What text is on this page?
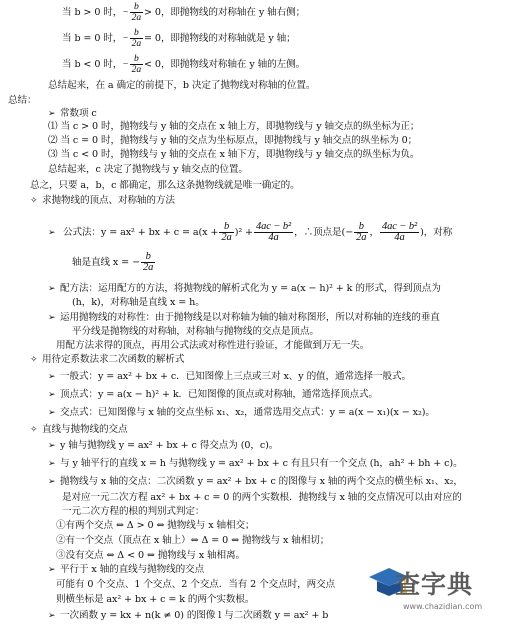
当 b > 0 时，− $\frac{b}{2a} > 0$，即抛物线的对称轴在 y 轴右侧；
当 b = 0 时，− $\frac{b}{2a} = 0$，即抛物线的对称轴就是 y 轴；
当 b < 0 时，− $\frac{b}{2a} < 0$，即抛物线对称轴在 y 轴的左侧。
总结起来，在 a 确定的前提下，b 决定了抛物线对称轴的位置。
总结：
➢ 常数项 c
⑴ 当 c > 0 时，抛物线与 y 轴的交点在 x 轴上方，即抛物线与 y 轴交点的纵坐标为正；
⑵ 当 c = 0 时，抛物线与 y 轴的交点为坐标原点，即抛物线与 y 轴交点的纵坐标为 0；
⑶ 当 c < 0 时，抛物线与 y 轴的交点在 x 轴下方，即抛物线与 y 轴交点的纵坐标为负。
总结起来，c 决定了抛物线与 y 轴交点的位置。
总之，只要 a，b，c 都确定，那么这条抛物线就是唯一确定的。
✧ 求抛物线的顶点、对称轴的方法
➢ 公式法：y = ax² + bx + $c = a(x + \frac{b}{2a} )^2 + \frac{\text{4ac − b²}}{4a}$ ，∴顶点是(− $\frac{b}{2a}$ ， $\frac{\text{4ac − b²}}{4a}$ )，对称
轴是直线 x = − $\frac{b}{2a}$
➢ 配方法：运用配方的方法，将抛物线的解析式化为 y = a(x − h)² + k 的形式，得到顶点为
(h，k)，对称轴是直线 x = h。
➢ 运用抛物线的对称性：由于抛物线是以对称轴为轴的轴对称图形，所以对称轴的连线的垂直
平分线是抛物线的对称轴，对称轴与抛物线的交点是顶点。
用配方法求得的顶点，再用公式法或对称性进行验证，才能做到万无一失。
✧ 用待定系数法求二次函数的解析式
➢ 一般式：y = ax² + bx + c．已知图像上三点或三对 x、y 的值，通常选择一般式。
➢ 顶点式：y = a(x − h)² + k．已知图像的顶点或对称轴，通常选择顶点式。
➢ 交点式：已知图像与 x 轴的交点坐标 x₁、x₂，通常选用交点式：y = a(x − x₁)(x − x₂)。
✧ 直线与抛物线的交点
➢ y 轴与抛物线 y = ax² + bx + c 得交点为 (0，c)。
➢ 与 y 轴平行的直线 x = h 与抛物线 y = ax² + bx + c 有且只有一个交点 (h，ah² + bh + c)。
➢ 抛物线与 x 轴的交点：二次函数 y = ax² + bx + c 的图像与 x 轴的两个交点的横坐标 x₁、x₂，
是对应一元二次方程 ax² + bx + c = 0 的两个实数根．抛物线与 x 轴的交点情况可以由对应的
一元二次方程的根的判别式判定：
①有两个交点 ⇔ Δ > 0 ⇔ 抛物线与 x 轴相交；
②有一个交点（顶点在 x 轴上）⇔ Δ = 0 ⇔ 抛物线与 x 轴相切；
③没有交点 ⇔ Δ < 0 ⇔ 抛物线与 x 轴相离。
➢ 平行于 x 轴的直线与抛物线的交点
可能有 0 个交点、1 个交点、2 个交点．当有 2 个交点时，两交点
则横坐标是 ax² + bx + c = k 的两个实数根。
➢ 一次函数 y = kx + n(k ≠ 0) 的图像 l 与二次函数 y = ax² + b
查字典
www.chazidian.com
